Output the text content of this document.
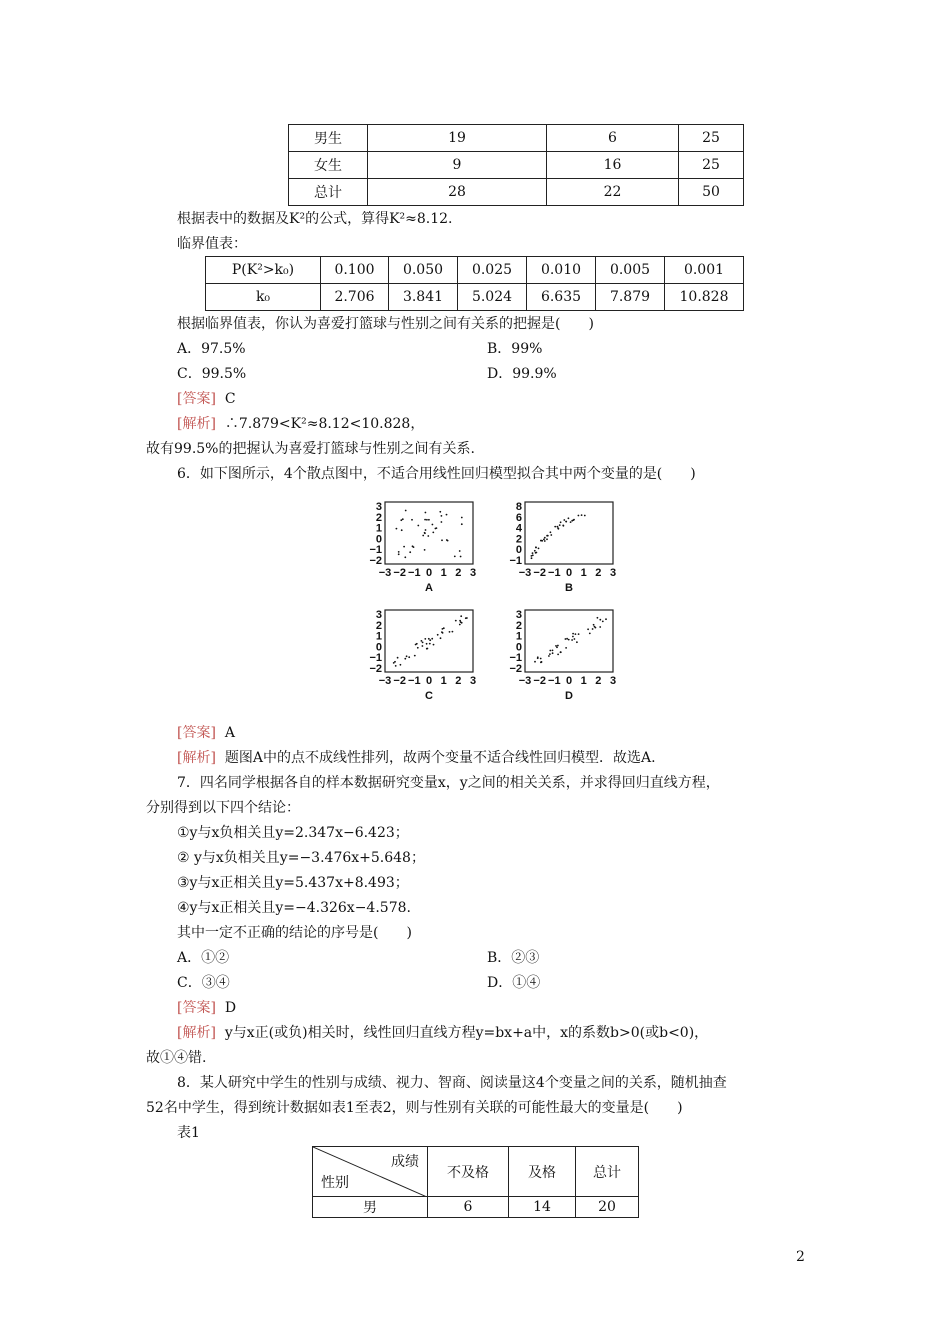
男生	19	6	25
女生	9	16	25
总计	28	22	50
根据表中的数据及K²的公式，算得K²≈8.12.
临界值表：
P(K²>k₀)	0.100	0.050	0.025	0.010	0.005	0.001
k₀	2.706	3.841	5.024	6.635	7.879	10.828
根据临界值表，你认为喜爱打篮球与性别之间有关系的把握是(　　)
A．97.5%	B．99%
C．99.5%	D．99.9%
[答案] C
[解析] ∴7.879<K²≈8.12<10.828，
故有99.5%的把握认为喜爱打篮球与性别之间有关系.
6．如下图所示，4个散点图中，不适合用线性回归模型拟合其中两个变量的是(　　)
3
2
1
0
−1
−2
−3 −2 −1 0 1 2 3
A
8
6
4
2
0
−1
−3 −2 −1 0 1 2 3
B
3
2
1
0
−1
−2
−3 −2 −1 0 1 2 3
C
3
2
1
0
−1
−2
−3 −2 −1 0 1 2 3
D
[答案] A
[解析] 题图A中的点不成线性排列，故两个变量不适合线性回归模型．故选A.
7．四名同学根据各自的样本数据研究变量x，y之间的相关关系，并求得回归直线方程，
分别得到以下四个结论：
①y与x负相关且y=2.347x−6.423；
② y与x负相关且y=−3.476x+5.648；
③y与x正相关且y=5.437x+8.493；
④y与x正相关且y=−4.326x−4.578.
其中一定不正确的结论的序号是(　　)
A．①②	B．②③
C．③④	D．①④
[答案] D
[解析] y与x正(或负)相关时，线性回归直线方程y=bx+a中，x的系数b>0(或b<0)，
故①④错.
8．某人研究中学生的性别与成绩、视力、智商、阅读量这4个变量之间的关系，随机抽查
52名中学生，得到统计数据如表1至表2，则与性别有关联的可能性最大的变量是(　　)
表1
成绩
性别	不及格	及格	总计
男	6	14	20
2
